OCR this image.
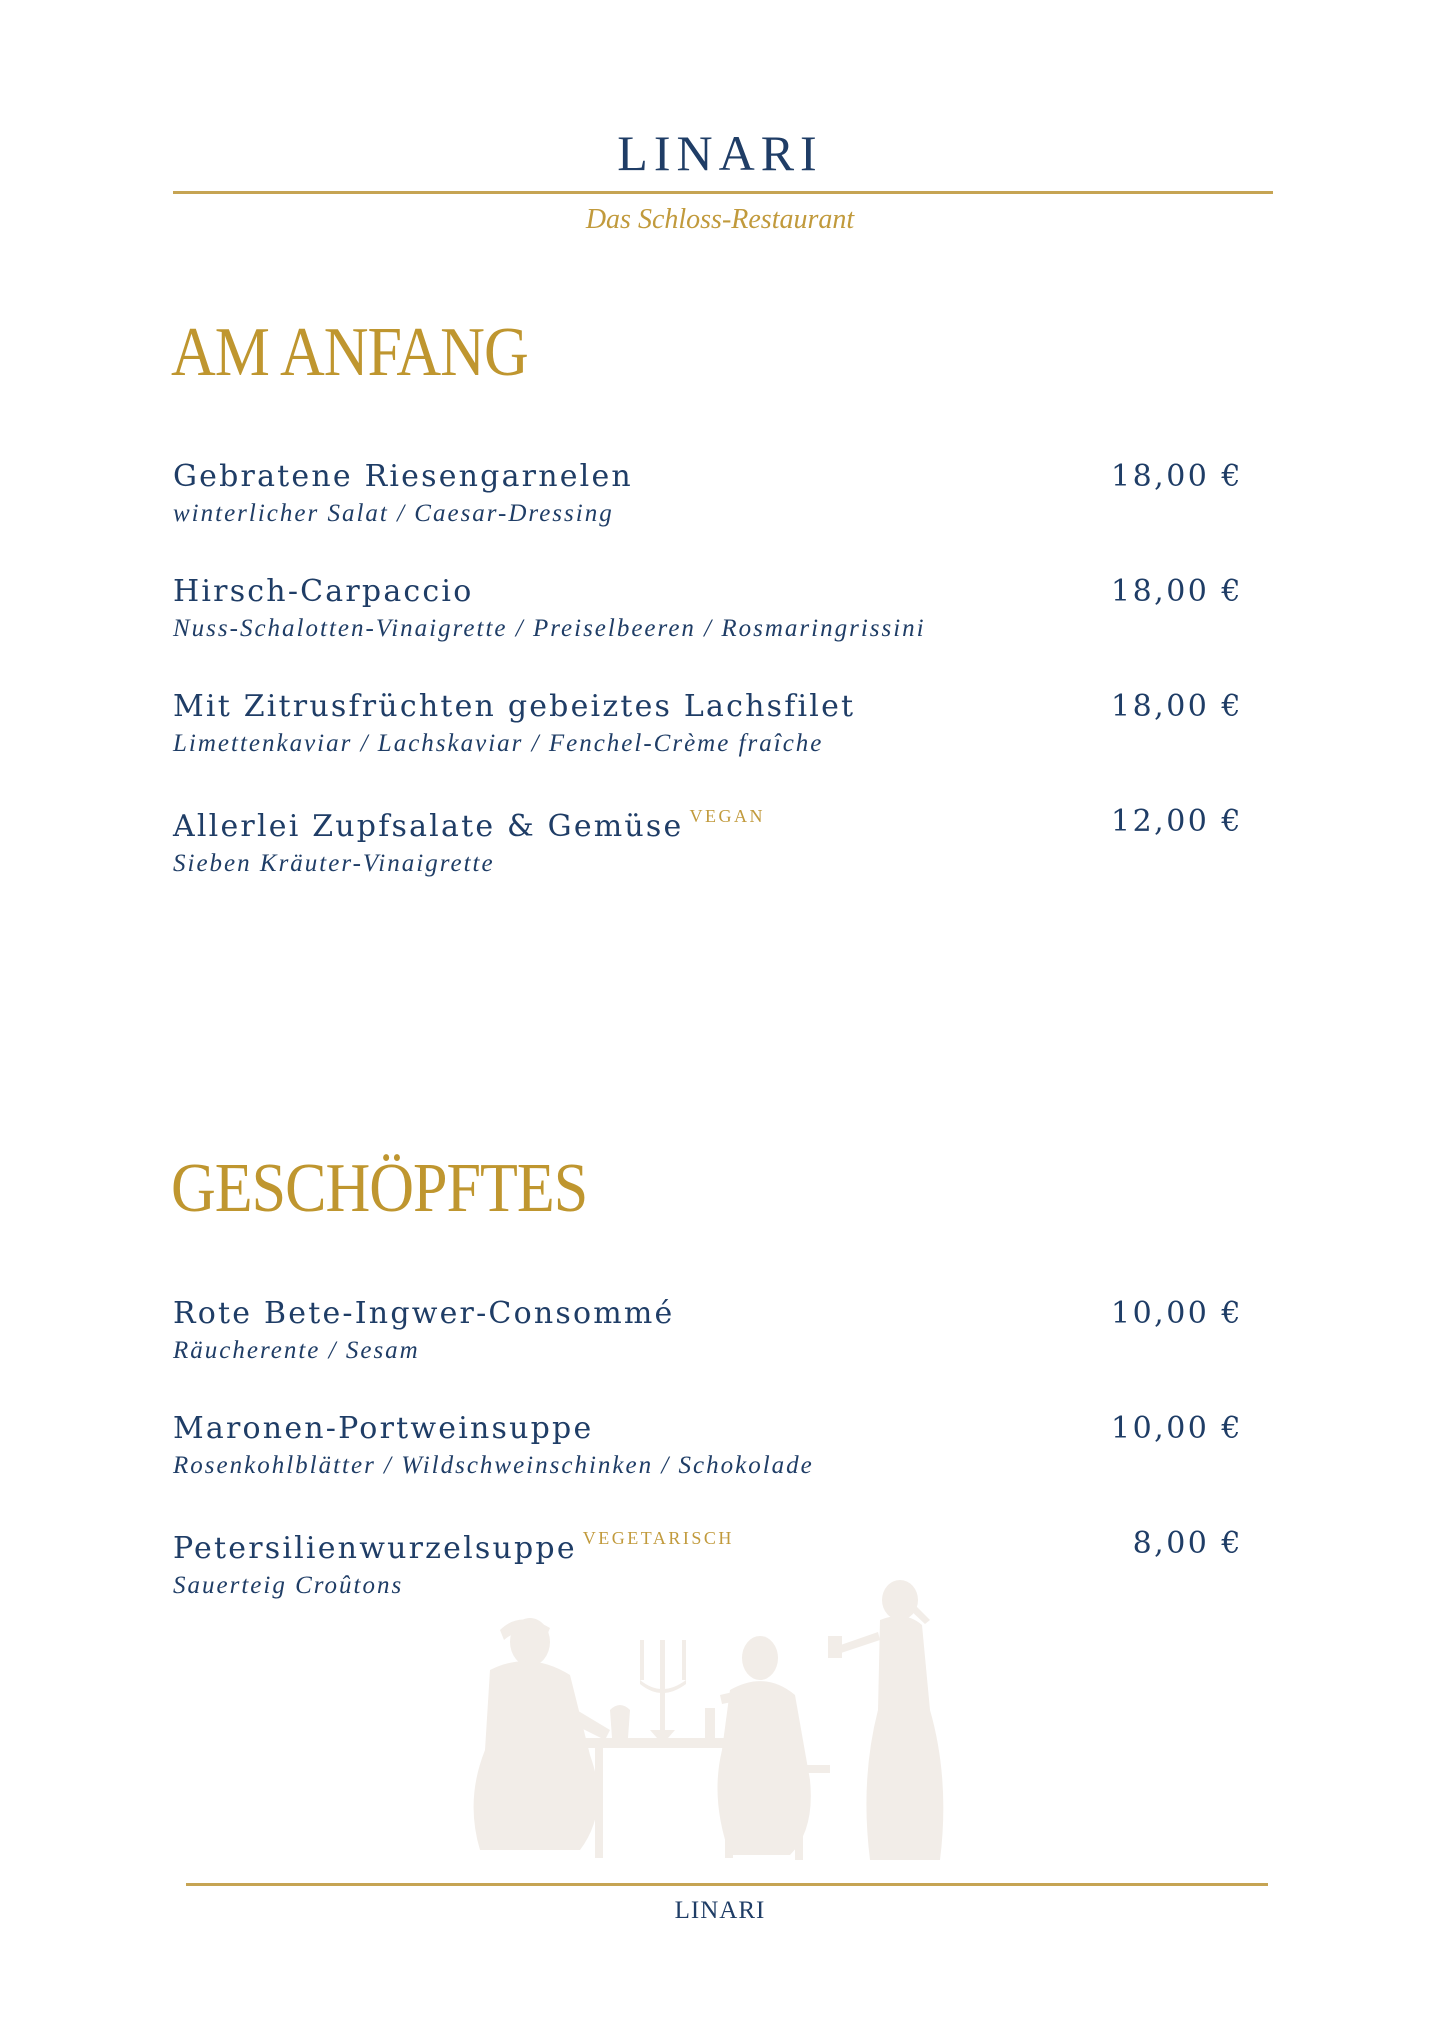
LINARI
Das Schloss-Restaurant
AM ANFANG
Gebratene Riesengarnelen
winterlicher Salat / Caesar-Dressing
18,00 €
Hirsch-Carpaccio
Nuss-Schalotten-Vinaigrette / Preiselbeeren / Rosmaringrissini
18,00 €
Mit Zitrusfrüchten gebeiztes Lachsfilet
Limettenkaviar / Lachskaviar / Fenchel-Crème fraîche
18,00 €
Allerlei Zupfsalate & Gemüse $^{VEGAN}$
Sieben Kräuter-Vinaigrette
12,00 €
GESCHÖPFTES
Rote Bete-Ingwer-Consommé
Räucherente / Sesam
10,00 €
Maronen-Portweinsuppe
Rosenkohlblätter / Wildschweinschinken / Schokolade
10,00 €
Petersilienwurzelsuppe $^{VEGETARISCH}$
Sauerteig Croûtons
8,00 €
LINARI
